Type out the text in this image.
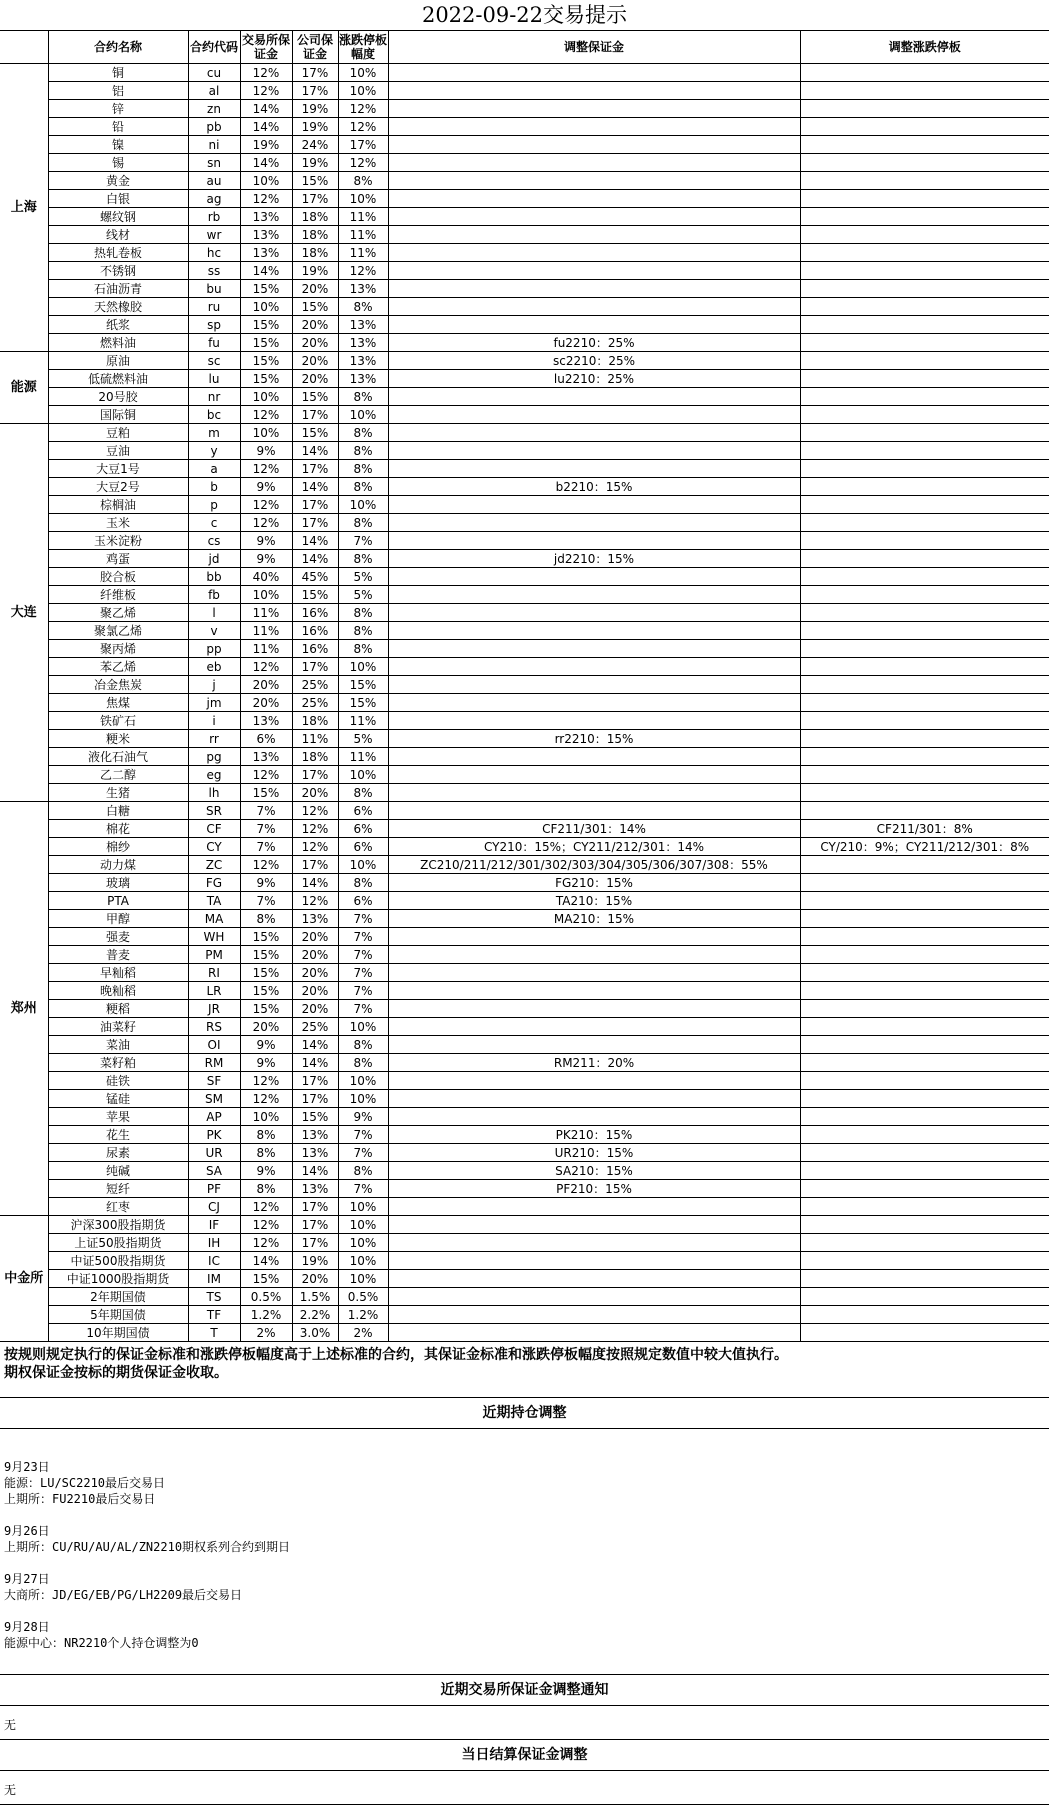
2022-09-22交易提示
	合约名称	合约代码	交易所保证金	公司保证金	涨跌停板幅度	调整保证金	调整涨跌停板
上海	铜	cu	12%	17%	10%		
	铝	al	12%	17%	10%		
	锌	zn	14%	19%	12%		
	铅	pb	14%	19%	12%		
	镍	ni	19%	24%	17%		
	锡	sn	14%	19%	12%		
	黄金	au	10%	15%	8%		
	白银	ag	12%	17%	10%		
	螺纹钢	rb	13%	18%	11%		
	线材	wr	13%	18%	11%		
	热轧卷板	hc	13%	18%	11%		
	不锈钢	ss	14%	19%	12%		
	石油沥青	bu	15%	20%	13%		
	天然橡胶	ru	10%	15%	8%		
	纸浆	sp	15%	20%	13%		
	燃料油	fu	15%	20%	13%	fu2210：25%	
能源	原油	sc	15%	20%	13%	sc2210：25%	
	低硫燃料油	lu	15%	20%	13%	lu2210：25%	
	20号胶	nr	10%	15%	8%		
	国际铜	bc	12%	17%	10%		
大连	豆粕	m	10%	15%	8%		
	豆油	y	9%	14%	8%		
	大豆1号	a	12%	17%	8%		
	大豆2号	b	9%	14%	8%	b2210：15%	
	棕榈油	p	12%	17%	10%		
	玉米	c	12%	17%	8%		
	玉米淀粉	cs	9%	14%	7%		
	鸡蛋	jd	9%	14%	8%	jd2210：15%	
	胶合板	bb	40%	45%	5%		
	纤维板	fb	10%	15%	5%		
	聚乙烯	l	11%	16%	8%		
	聚氯乙烯	v	11%	16%	8%		
	聚丙烯	pp	11%	16%	8%		
	苯乙烯	eb	12%	17%	10%		
	冶金焦炭	j	20%	25%	15%		
	焦煤	jm	20%	25%	15%		
	铁矿石	i	13%	18%	11%		
	粳米	rr	6%	11%	5%	rr2210：15%	
	液化石油气	pg	13%	18%	11%		
	乙二醇	eg	12%	17%	10%		
	生猪	lh	15%	20%	8%		
郑州	白糖	SR	7%	12%	6%		
	棉花	CF	7%	12%	6%	CF211/301：14%	CF211/301：8%
	棉纱	CY	7%	12%	6%	CY210：15%；CY211/212/301：14%	CY/210：9%；CY211/212/301：8%
	动力煤	ZC	12%	17%	10%	ZC210/211/212/301/302/303/304/305/306/307/308：55%	
	玻璃	FG	9%	14%	8%	FG210：15%	
	PTA	TA	7%	12%	6%	TA210：15%	
	甲醇	MA	8%	13%	7%	MA210：15%	
	强麦	WH	15%	20%	7%		
	普麦	PM	15%	20%	7%		
	早籼稻	RI	15%	20%	7%		
	晚籼稻	LR	15%	20%	7%		
	粳稻	JR	15%	20%	7%		
	油菜籽	RS	20%	25%	10%		
	菜油	OI	9%	14%	8%		
	菜籽粕	RM	9%	14%	8%	RM211：20%	
	硅铁	SF	12%	17%	10%		
	锰硅	SM	12%	17%	10%		
	苹果	AP	10%	15%	9%		
	花生	PK	8%	13%	7%	PK210：15%	
	尿素	UR	8%	13%	7%	UR210：15%	
	纯碱	SA	9%	14%	8%	SA210：15%	
	短纤	PF	8%	13%	7%	PF210：15%	
	红枣	CJ	12%	17%	10%		
中金所	沪深300股指期货	IF	12%	17%	10%		
	上证50股指期货	IH	12%	17%	10%		
	中证500股指期货	IC	14%	19%	10%		
	中证1000股指期货	IM	15%	20%	10%		
	2年期国债	TS	0.5%	1.5%	0.5%		
	5年期国债	TF	1.2%	2.2%	1.2%		
	10年期国债	T	2%	3.0%	2%		
按规则规定执行的保证金标准和涨跌停板幅度高于上述标准的合约，其保证金标准和涨跌停板幅度按照规定数值中较大值执行。
期权保证金按标的期货保证金收取。
近期持仓调整
9月23日
能源：LU/SC2210最后交易日
上期所：FU2210最后交易日
9月26日
上期所：CU/RU/AU/AL/ZN2210期权系列合约到期日
9月27日
大商所：JD/EG/EB/PG/LH2209最后交易日
9月28日
能源中心：NR2210个人持仓调整为0
近期交易所保证金调整通知
无
当日结算保证金调整
无
